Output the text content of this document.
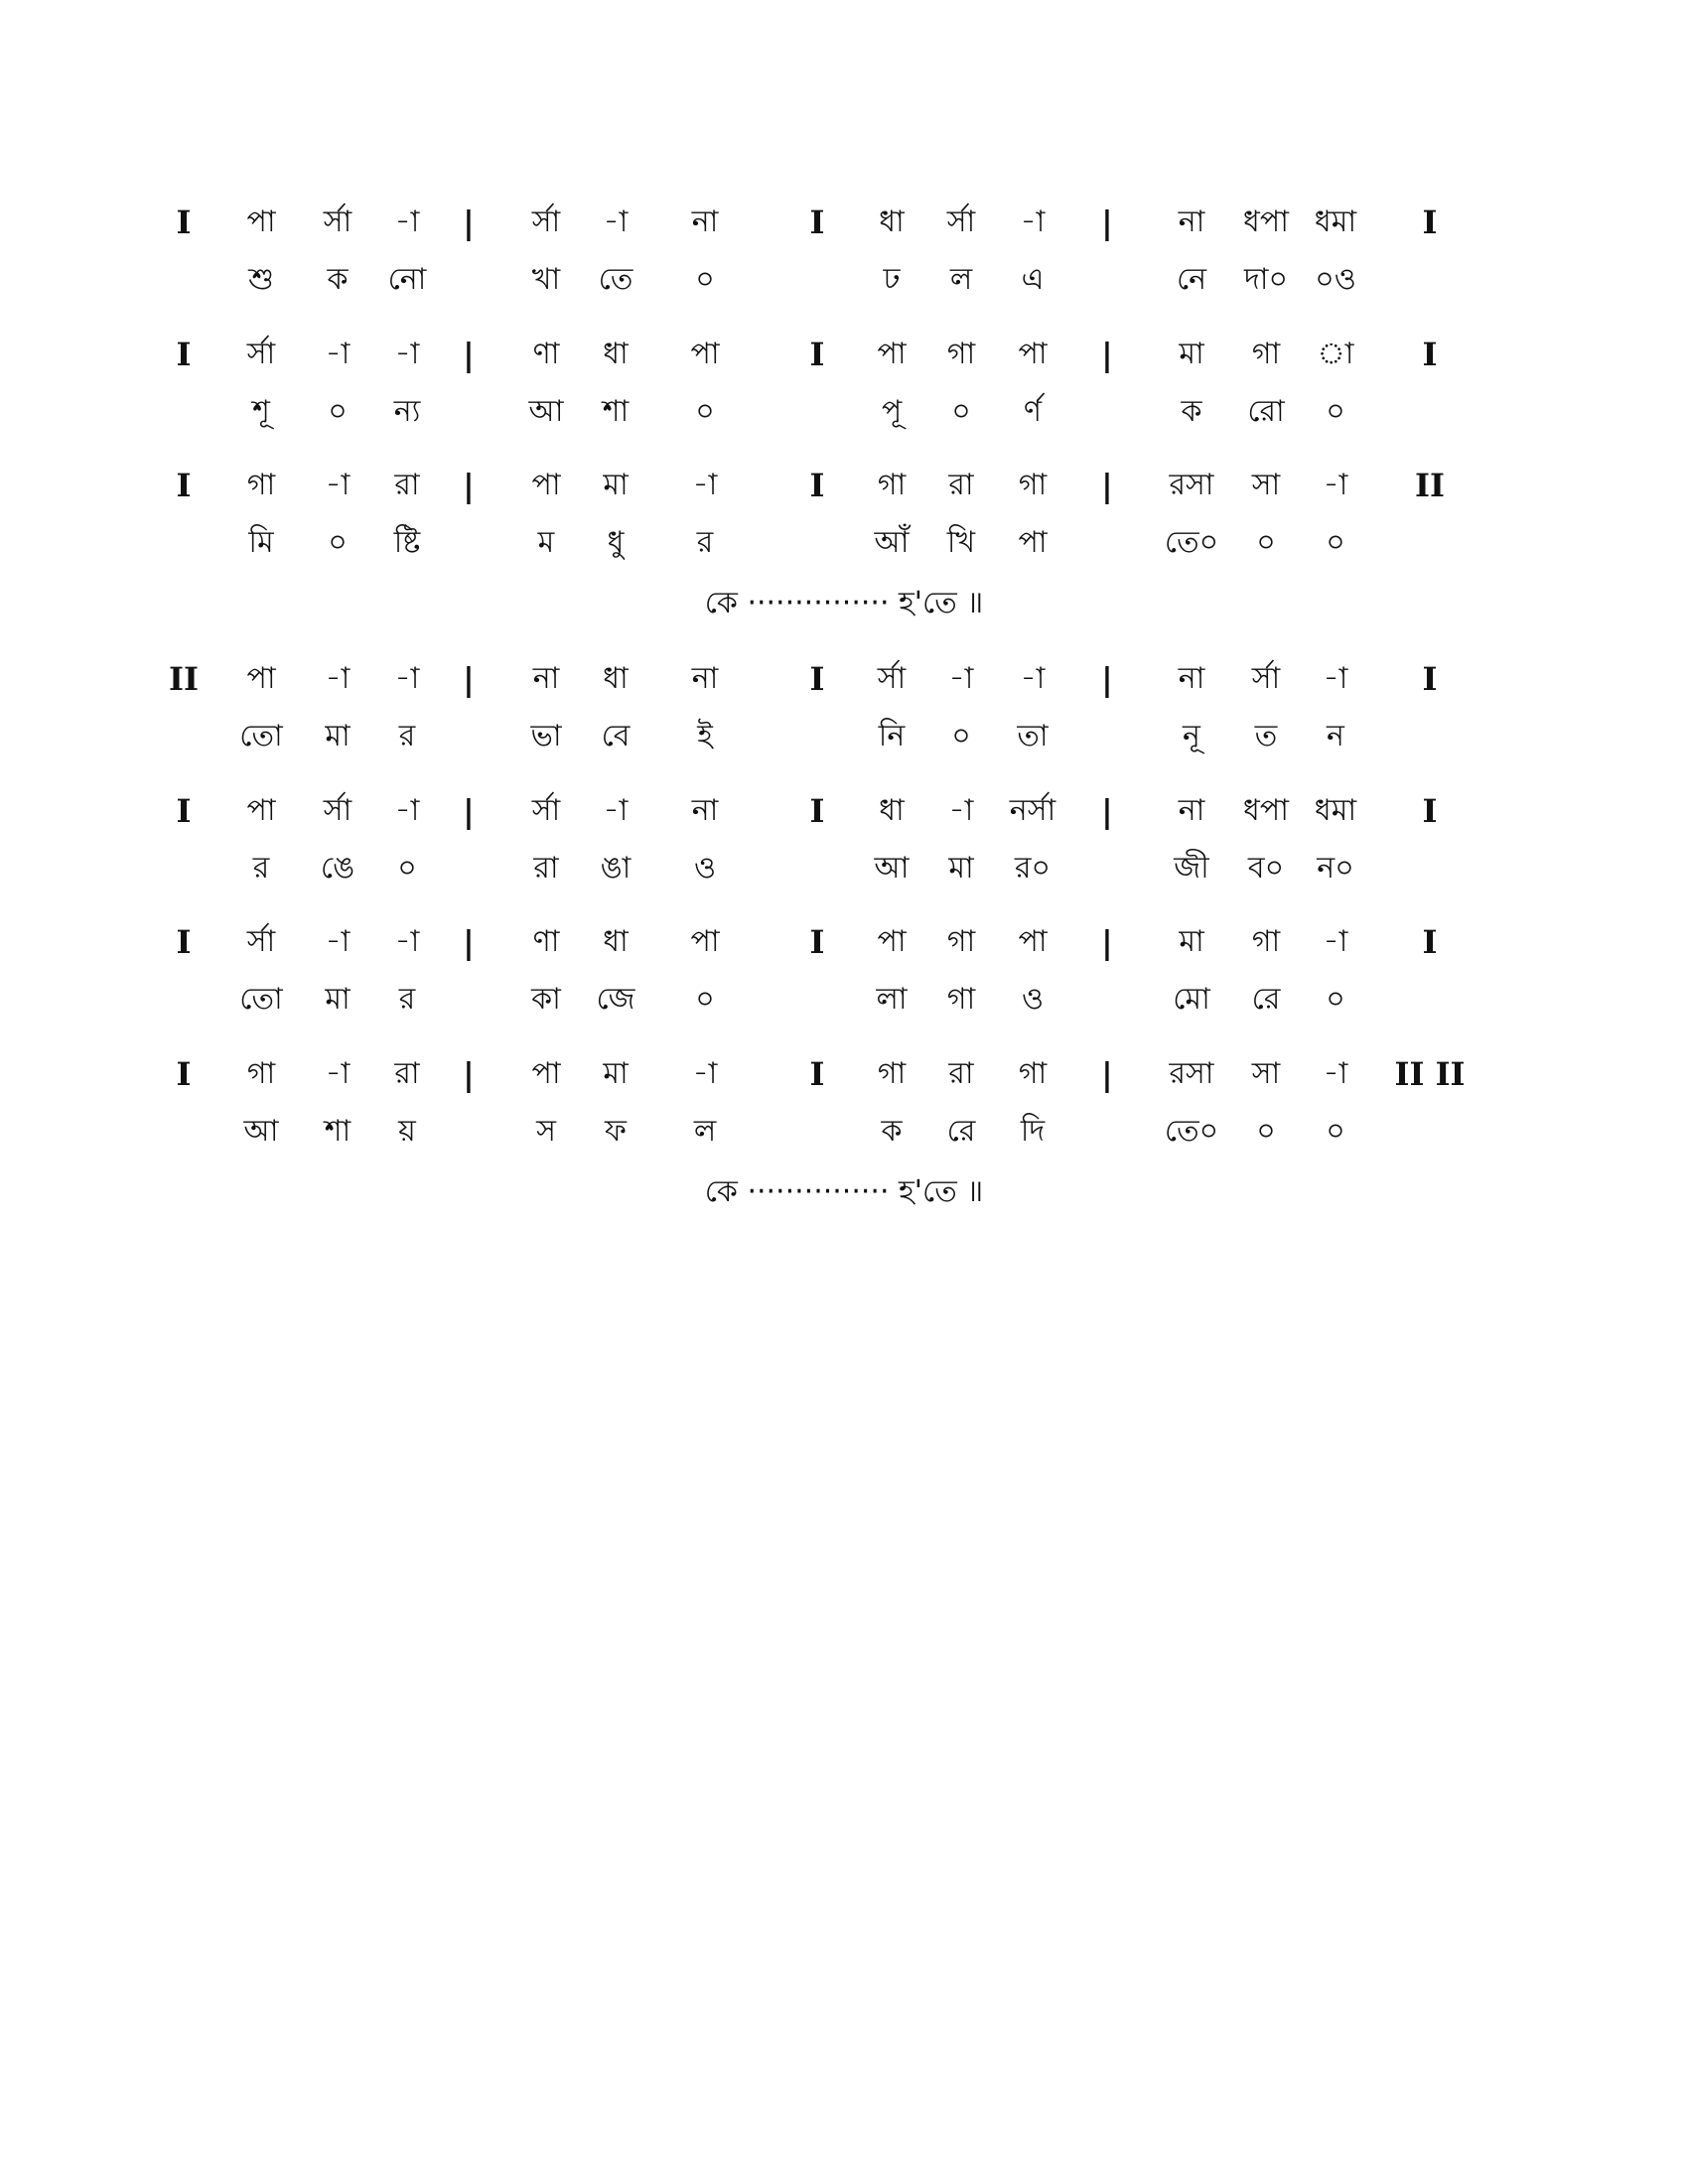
I পা র্সা -া | র্সা -া না	I ধা র্সা -া | না ধপা ধমা I
শু ক নো	খা তে ০	ঢ ল এ	নে দা০ ০ও
I র্সা -া -া | ণা ধা পা	I পা গা পা | মা গা া I
শূ ০ ন্য	আ শা ০	পূ ০ র্ণ	ক রো ০
I গা -া রা | পা মা -া	I গা রা গা | রসা সা -া II
মি ০ ষ্টি	ম ধু র	আঁ খি পা	তে০ ০ ০
কে ··············· হ'তে ॥
II পা -া -া | না ধা না	I র্সা -া -া | না র্সা -া I
তো মা র	ভা বে ই	নি ০ তা	নূ ত ন
I পা র্সা -া | র্সা -া না	I ধা -া নর্সা | না ধপা ধমা I
র ঙে ০	রা ঙা ও	আ মা র০	জী ব০ ন০
I র্সা -া -া | ণা ধা পা	I পা গা পা | মা গা -া I
তো মা র	কা জে ০	লা গা ও	মো রে ০
I গা -া রা | পা মা -া	I গা রা গা | রসা সা -া II II
আ শা য়	স ফ ল	ক রে দি	তে০ ০ ০
কে ··············· হ'তে ॥
